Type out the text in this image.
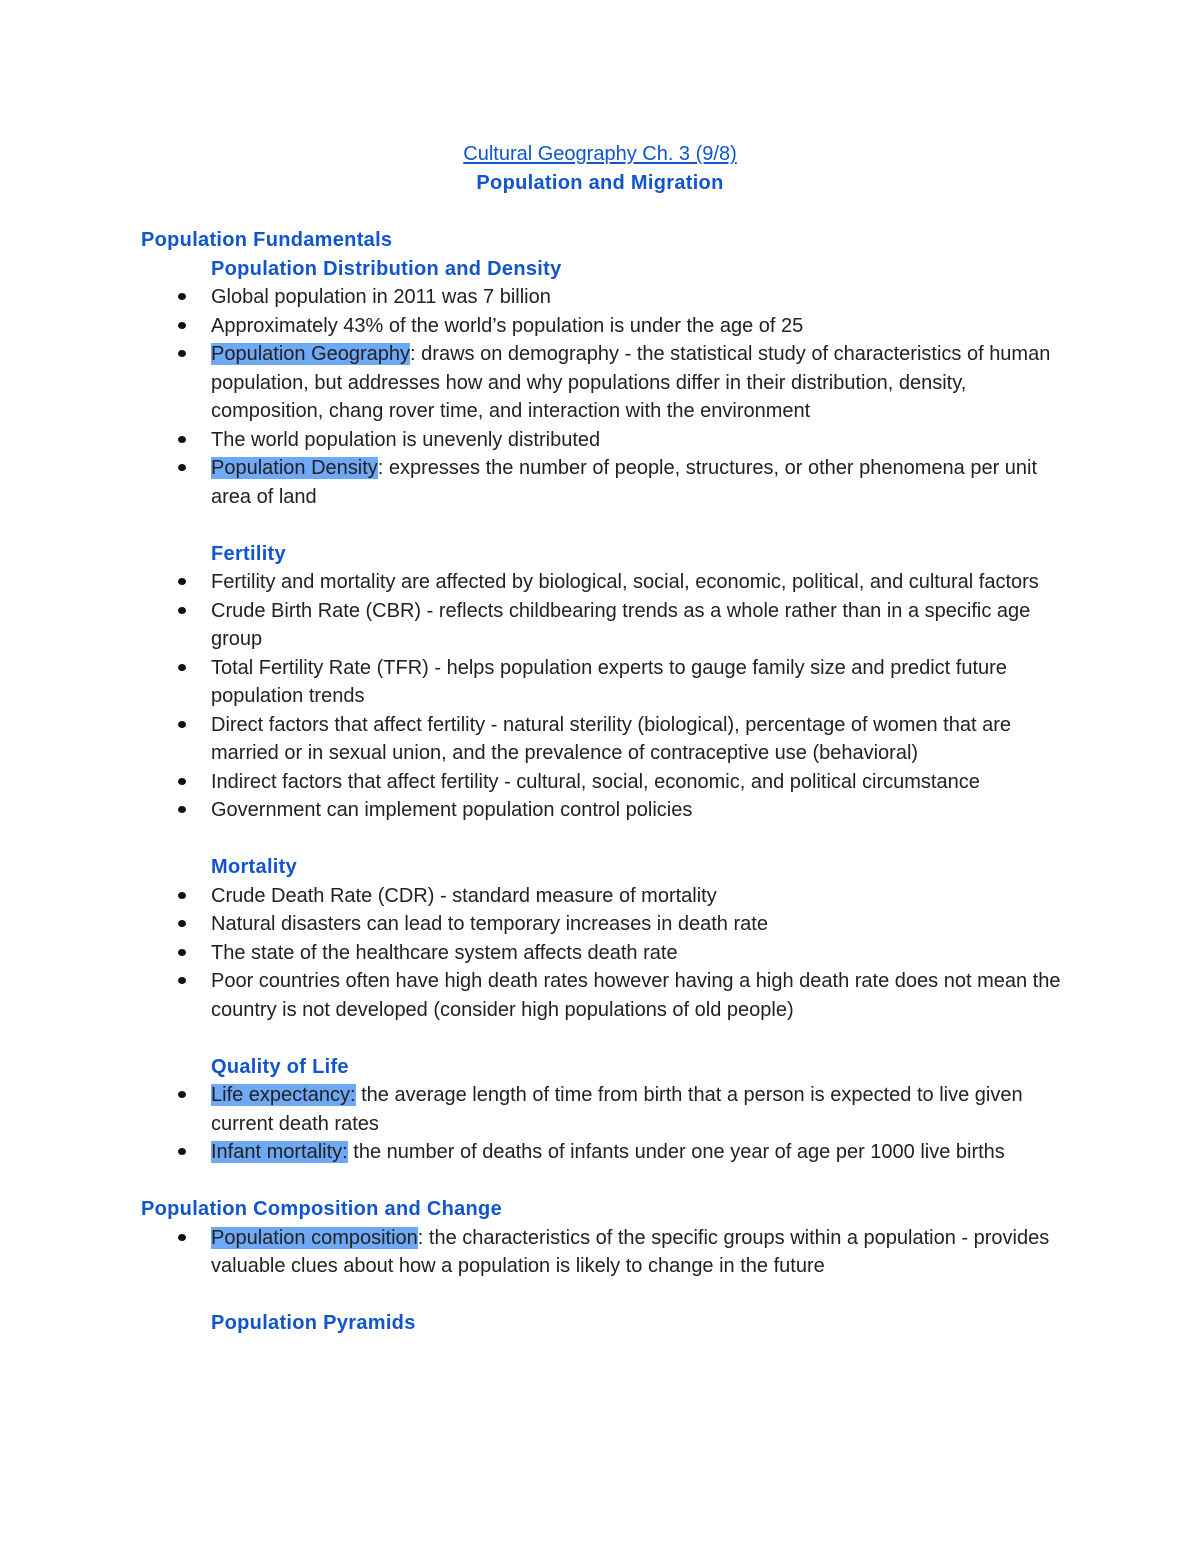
Cultural Geography Ch. 3 (9/8)
Population and Migration
Population Fundamentals
Population Distribution and Density
Global population in 2011 was 7 billion
Approximately 43% of the world’s population is under the age of 25
Population Geography: draws on demography - the statistical study of characteristics of human population, but addresses how and why populations differ in their distribution, density, composition, chang rover time, and interaction with the environment
The world population is unevenly distributed
Population Density: expresses the number of people, structures, or other phenomena per unit area of land
Fertility
Fertility and mortality are affected by biological, social, economic, political, and cultural factors
Crude Birth Rate (CBR) - reflects childbearing trends as a whole rather than in a specific age group
Total Fertility Rate (TFR) - helps population experts to gauge family size and predict future population trends
Direct factors that affect fertility - natural sterility (biological), percentage of women that are married or in sexual union, and the prevalence of contraceptive use (behavioral)
Indirect factors that affect fertility - cultural, social, economic, and political circumstance
Government can implement population control policies
Mortality
Crude Death Rate (CDR) - standard measure of mortality
Natural disasters can lead to temporary increases in death rate
The state of the healthcare system affects death rate
Poor countries often have high death rates however having a high death rate does not mean the country is not developed (consider high populations of old people)
Quality of Life
Life expectancy: the average length of time from birth that a person is expected to live given current death rates
Infant mortality: the number of deaths of infants under one year of age per 1000 live births
Population Composition and Change
Population composition: the characteristics of the specific groups within a population - provides valuable clues about how a population is likely to change in the future
Population Pyramids
